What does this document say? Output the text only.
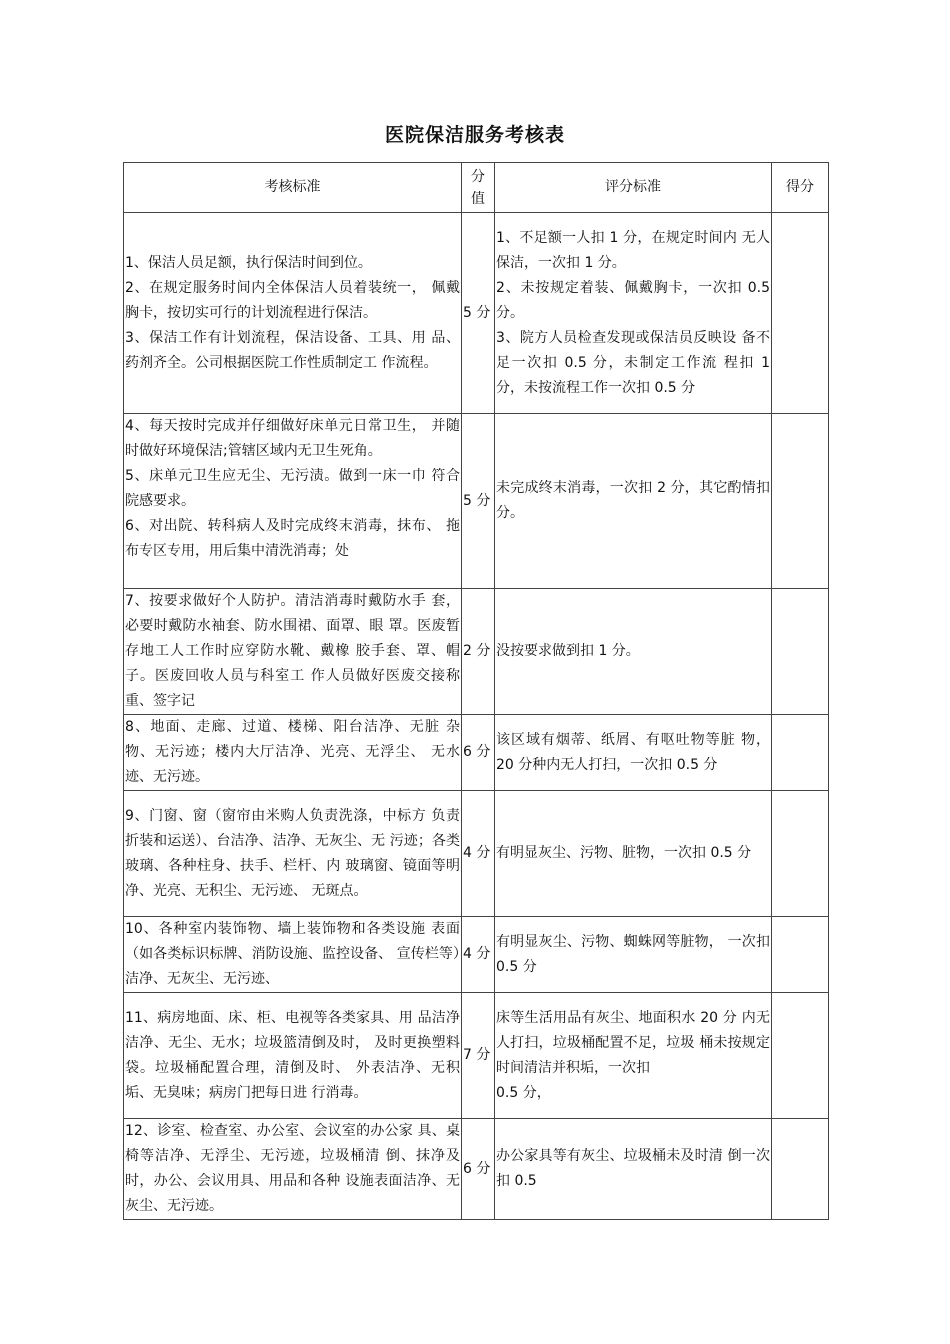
医院保洁服务考核表
考核标准	分值	评分标准	得分

1、保洁人员足额，执行保洁时间到位。
2、在规定服务时间内全体保洁人员着装统一， 佩戴胸卡，按切实可行的计划流程进行保洁。
3、保洁工作有计划流程，保洁设备、工具、用 品、药剂齐全。公司根据医院工作性质制定工 作流程。	5 分	1、不足额一人扣 1 分，在规定时间内 无人保洁，一次扣 1 分。
2、未按规定着装、佩戴胸卡，一次扣 0.5 分。
3、院方人员检查发现或保洁员反映设 备不足一次扣 0.5 分，未制定工作流 程扣 1 分，未按流程工作一次扣 0.5 分	

4、每天按时完成并仔细做好床单元日常卫生， 并随时做好环境保洁;管辖区域内无卫生死角。
5、床单元卫生应无尘、无污渍。做到一床一巾 符合院感要求。
6、对出院、转科病人及时完成终末消毒，抹布、 拖布专区专用，用后集中清洗消毒；处	5 分	未完成终末消毒，一次扣 2 分，其它酌情扣分。	

7、按要求做好个人防护。清洁消毒时戴防水手 套，必要时戴防水袖套、防水围裙、面罩、眼 罩。医废暂存地工人工作时应穿防水靴、戴橡 胶手套、罩、帽子。医废回收人员与科室工 作人员做好医废交接称重、签字记	2 分	没按要求做到扣 1 分。	

8、地面、走廊、过道、楼梯、阳台洁净、无脏 杂物、无污迹；楼内大厅洁净、光亮、无浮尘、 无水迹、无污迹。	6 分	该区域有烟蒂、纸屑、有呕吐物等脏 物，20 分种内无人打扫，一次扣 0.5 分	

9、门窗、窗（窗帘由米购人负责洗涤，中标方 负责折装和运送）、台洁净、洁净、无灰尘、无 污迹；各类玻璃、各种柱身、扶手、栏杆、内 玻璃窗、镜面等明净、光亮、无积尘、无污迹、 无斑点。	4 分	有明显灰尘、污物、脏物，一次扣 0.5 分	

10、各种室内装饰物、墙上装饰物和各类设施 表面（如各类标识标牌、消防设施、监控设备、 宣传栏等）洁净、无灰尘、无污迹、	4 分	有明显灰尘、污物、蜘蛛网等脏物， 一次扣 0.5 分	

11、病房地面、床、柜、电视等各类家具、用 品洁净洁净、无尘、无水；垃圾篮清倒及时， 及时更换塑料袋。垃圾桶配置合理，清倒及时、 外表洁净、无积垢、无臭味；病房门把每日进 行消毒。	7 分	床等生活用品有灰尘、地面积水 20 分 内无人打扫，垃圾桶配置不足，垃圾 桶未按规定时间清洁并积垢，一次扣
0.5 分，	

12、诊室、检查室、办公室、会议室的办公家 具、桌椅等洁净、无浮尘、无污迹，垃圾桶清 倒、抹净及时，办公、会议用具、用品和各种 设施表面洁净、无灰尘、无污迹。	6 分	办公家具等有灰尘、垃圾桶未及时清 倒一次扣 0.5	
